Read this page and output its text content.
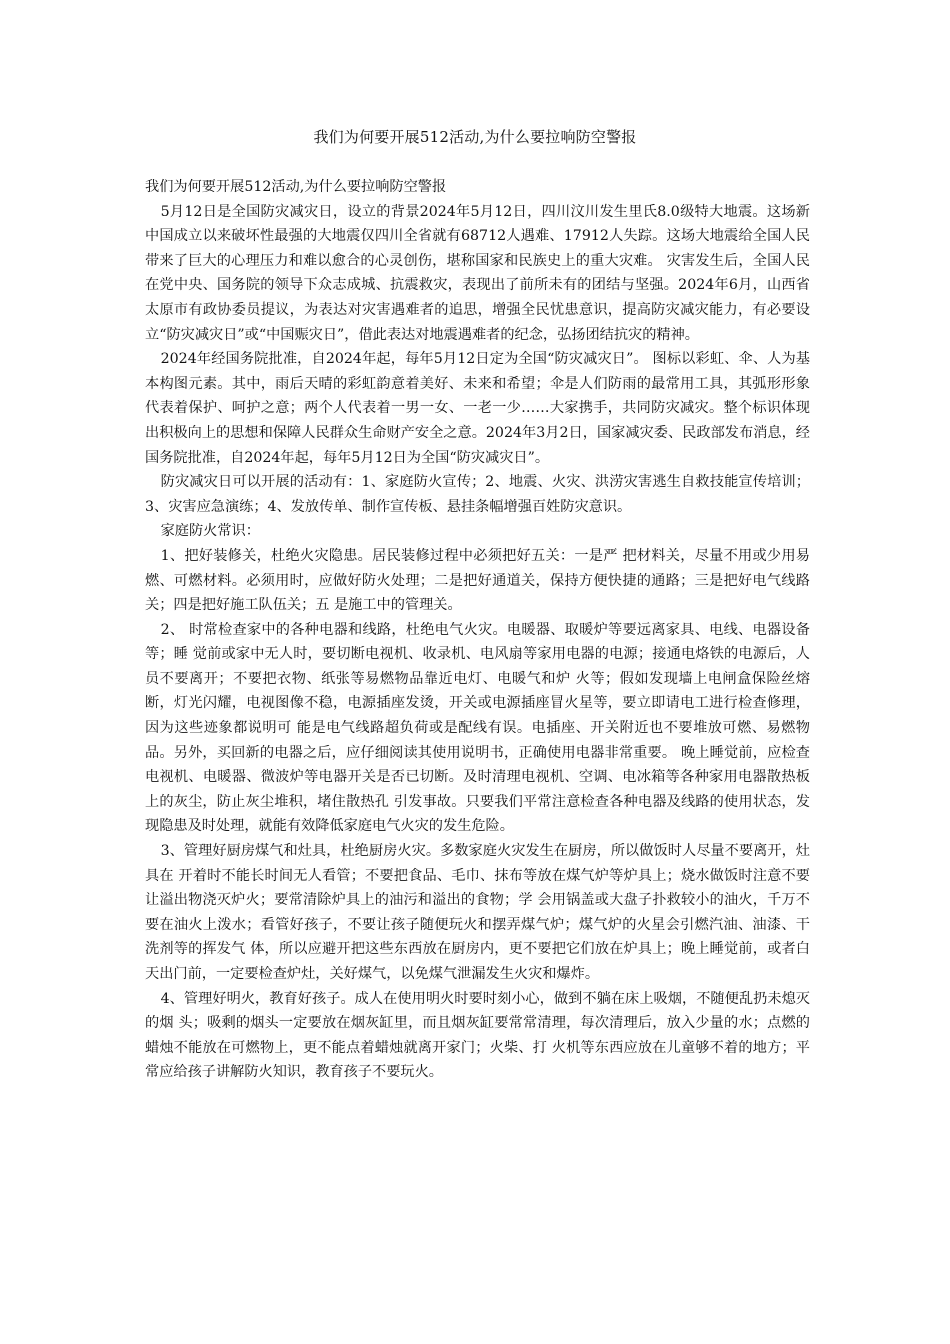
我们为何要开展512活动,为什么要拉响防空警报

我们为何要开展512活动,为什么要拉响防空警报

5月12日是全国防灾减灾日，设立的背景2024年5月12日，四川汶川发生里氏8.0级特大地震。这场新中国成立以来破坏性最强的大地震仅四川全省就有68712人遇难、17912人失踪。这场大地震给全国人民带来了巨大的心理压力和难以愈合的心灵创伤，堪称国家和民族史上的重大灾难。 灾害发生后，全国人民在党中央、国务院的领导下众志成城、抗震救灾，表现出了前所未有的团结与坚强。2024年6月，山西省太原市有政协委员提议，为表达对灾害遇难者的追思，增强全民忧患意识，提高防灾减灾能力，有必要设立“防灾减灾日”或“中国赈灾日”，借此表达对地震遇难者的纪念，弘扬团结抗灾的精神。

2024年经国务院批准，自2024年起，每年5月12日定为全国“防灾减灾日”。 图标以彩虹、伞、人为基本构图元素。其中，雨后天晴的彩虹韵意着美好、未来和希望；伞是人们防雨的最常用工具，其弧形形象代表着保护、呵护之意；两个人代表着一男一女、一老一少……大家携手，共同防灾减灾。整个标识体现出积极向上的思想和保障人民群众生命财产安全之意。2024年3月2日，国家减灾委、民政部发布消息，经国务院批准，自2024年起，每年5月12日为全国“防灾减灾日”。

防灾减灾日可以开展的活动有：1、家庭防火宣传；2、地震、火灾、洪涝灾害逃生自救技能宣传培训；3、灾害应急演练；4、发放传单、制作宣传板、悬挂条幅增强百姓防灾意识。

家庭防火常识：

1、把好装修关，杜绝火灾隐患。居民装修过程中必须把好五关：一是严 把材料关，尽量不用或少用易燃、可燃材料。必须用时，应做好防火处理；二是把好通道关，保持方便快捷的通路；三是把好电气线路关；四是把好施工队伍关；五 是施工中的管理关。

2、 时常检查家中的各种电器和线路，杜绝电气火灾。电暖器、取暖炉等要远离家具、电线、电器设备等；睡 觉前或家中无人时，要切断电视机、收录机、电风扇等家用电器的电源；接通电烙铁的电源后，人员不要离开；不要把衣物、纸张等易燃物品靠近电灯、电暖气和炉 火等；假如发现墙上电闸盒保险丝熔断，灯光闪耀，电视图像不稳，电源插座发烫，开关或电源插座冒火星等，要立即请电工进行检查修理，因为这些迹象都说明可 能是电气线路超负荷或是配线有误。电插座、开关附近也不要堆放可燃、易燃物品。另外，买回新的电器之后，应仔细阅读其使用说明书，正确使用电器非常重要。 晚上睡觉前，应检查电视机、电暖器、微波炉等电器开关是否已切断。及时清理电视机、空调、电冰箱等各种家用电器散热板上的灰尘，防止灰尘堆积，堵住散热孔 引发事故。只要我们平常注意检查各种电器及线路的使用状态，发现隐患及时处理，就能有效降低家庭电气火灾的发生危险。

3、管理好厨房煤气和灶具，杜绝厨房火灾。多数家庭火灾发生在厨房，所以做饭时人尽量不要离开，灶具在 开着时不能长时间无人看管；不要把食品、毛巾、抹布等放在煤气炉等炉具上；烧水做饭时注意不要让溢出物浇灭炉火；要常清除炉具上的油污和溢出的食物；学 会用锅盖或大盘子扑救较小的油火，千万不要在油火上泼水；看管好孩子，不要让孩子随便玩火和摆弄煤气炉；煤气炉的火星会引燃汽油、油漆、干洗剂等的挥发气 体，所以应避开把这些东西放在厨房内，更不要把它们放在炉具上；晚上睡觉前，或者白天出门前，一定要检查炉灶，关好煤气，以免煤气泄漏发生火灾和爆炸。

4、管理好明火，教育好孩子。成人在使用明火时要时刻小心，做到不躺在床上吸烟，不随便乱扔未熄灭的烟 头；吸剩的烟头一定要放在烟灰缸里，而且烟灰缸要常常清理，每次清理后，放入少量的水；点燃的蜡烛不能放在可燃物上，更不能点着蜡烛就离开家门；火柴、打 火机等东西应放在儿童够不着的地方；平常应给孩子讲解防火知识，教育孩子不要玩火。
